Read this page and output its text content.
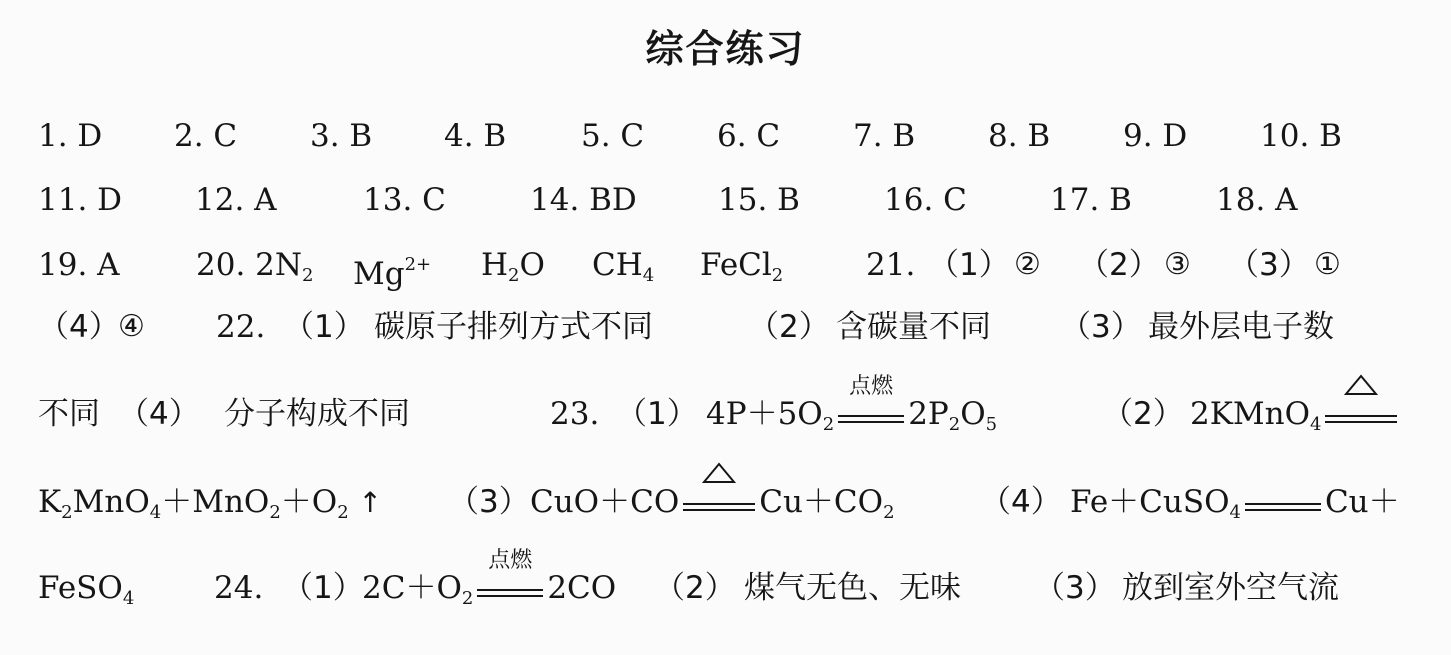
综合练习
1. D 2. C 3. B 4. B 5. C 6. C 7. B 8. B 9. D 10. B
11. D 12. A	13. C	14. BD	15. B	16. C	17. B	18. A
19. A 20. $2N_2$ $Mg^{2+}$ $H_2O$ $CH_4$ FeCl$_2$	21. （1） ② （2） ③ （3） ①
（4）
④ 22. （1） 碳原子排列方式不同	（2） 含碳量不同 （3） 最外层电子数
不同 （4） 分子构成不同	23. （1） $4P+5O_2$
点燃
$2P_2O_5$	（2） 2KMnO$_4$
$K_2MnO_4+MnO_2+O_2$ ↑ （3） CuO＋CO	$Cu+CO_2$	（4） Fe＋CuSO$_4$	Cu＋
FeSO$_4$	24. （1）
$2C+O_2$
点燃
2CO （2） 煤气无色、无味 （3） 放到室外空气流
